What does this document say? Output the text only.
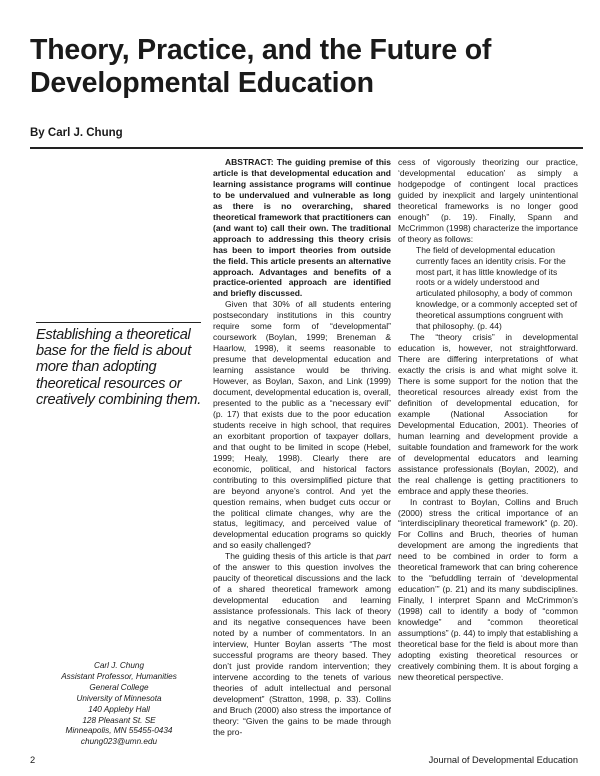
Theory, Practice, and the Future of Developmental Education

By Carl J. Chung

Establishing a theoretical base for the field is about more than adopting theoretical resources or creatively combining them.

Carl J. Chung
Assistant Professor, Humanities
General College
University of Minnesota
140 Appleby Hall
128 Pleasant St. SE
Minneapolis, MN 55455-0434
chung023@umn.edu

ABSTRACT: The guiding premise of this article is that developmental education and learning assistance programs will continue to be undervalued and vulnerable as long as there is no overarching, shared theoretical framework that practitioners can (and want to) call their own. The traditional approach to addressing this theory crisis has been to import theories from outside the field. This article presents an alternative approach. Advantages and benefits of a practice-oriented approach are identified and briefly discussed.

Given that 30% of all students entering postsecondary institutions in this country require some form of “developmental” coursework (Boylan, 1999; Breneman & Haarlow, 1998), it seems reasonable to presume that developmental education and learning assistance would be thriving. However, as Boylan, Saxon, and Link (1999) document, developmental education is, overall, presented to the public as a “necessary evil” (p. 17) that exists due to the poor education students receive in high school, that requires an exorbitant proportion of taxpayer dollars, and that ought to be limited in scope (Hebel, 1999; Healy, 1998). Clearly there are economic, political, and historical factors contributing to this oversimplified picture that are beyond anyone’s control. And yet the question remains, when budget cuts occur or the political climate changes, why are the status, legitimacy, and perceived value of developmental education programs so quickly and so easily challenged?

The guiding thesis of this article is that part of the answer to this question involves the paucity of theoretical discussions and the lack of a shared theoretical framework among developmental education and learning assistance professionals. This lack of theory and its negative consequences have been noted by a number of commentators. In an interview, Hunter Boylan asserts “The most successful programs are theory based. They don’t just provide random intervention; they intervene according to the tenets of various theories of adult intellectual and personal development” (Stratton, 1998, p. 33). Collins and Bruch (2000) also stress the importance of theory: “Given the gains to be made through the pro-

cess of vigorously theorizing our practice, ‘developmental education’ as simply a hodgepodge of contingent local practices guided by inexplicit and largely unintentional theoretical frameworks is no longer good enough” (p. 19). Finally, Spann and McCrimmon (1998) characterize the importance of theory as follows:

The field of developmental education currently faces an identity crisis. For the most part, it has little knowledge of its roots or a widely understood and articulated philosophy, a body of common knowledge, or a commonly accepted set of theoretical assumptions congruent with that philosophy. (p. 44)

The “theory crisis” in developmental education is, however, not straightforward. There are differing interpretations of what exactly the crisis is and what might solve it. There is some support for the notion that the theoretical resources already exist from the definition of developmental education, for example (National Association for Developmental Education, 2001). Theories of human learning and development provide a suitable foundation and framework for the work of developmental educators and learning assistance professionals (Boylan, 2002), and the real challenge is getting practitioners to embrace and apply these theories.

In contrast to Boylan, Collins and Bruch (2000) stress the critical importance of an “interdisciplinary theoretical framework” (p. 20). For Collins and Bruch, theories of human development are among the ingredients that need to be combined in order to form a theoretical framework that can bring coherence to the “befuddling terrain of ‘developmental education’” (p. 21) and its many subdisciplines. Finally, I interpret Spann and McCrimmon’s (1998) call to identify a body of “common knowledge” and “common theoretical assumptions” (p. 44) to imply that establishing a theoretical base for the field is about more than adopting existing theoretical resources or creatively combining them. It is about forging a new theoretical perspective.

2	Journal of Developmental Education
